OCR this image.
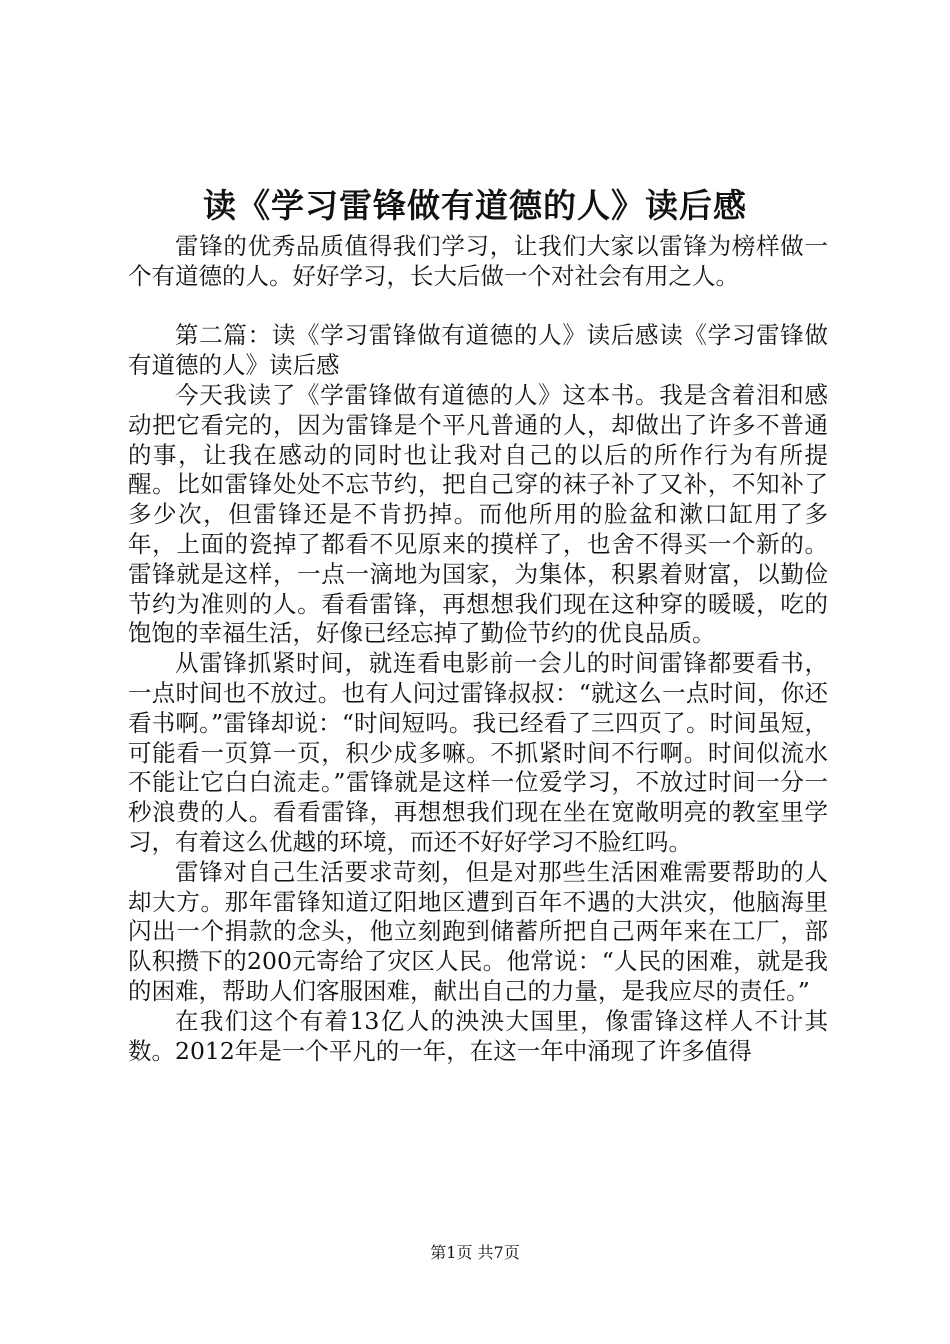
读《学习雷锋做有道德的人》读后感

雷锋的优秀品质值得我们学习，让我们大家以雷锋为榜样做一个有道德的人。好好学习，长大后做一个对社会有用之人。

第二篇：读《学习雷锋做有道德的人》读后感读《学习雷锋做有道德的人》读后感

今天我读了《学雷锋做有道德的人》这本书。我是含着泪和感动把它看完的，因为雷锋是个平凡普通的人，却做出了许多不普通的事，让我在感动的同时也让我对自己的以后的所作行为有所提醒。比如雷锋处处不忘节约，把自己穿的袜子补了又补，不知补了多少次，但雷锋还是不肯扔掉。而他所用的脸盆和漱口缸用了多年，上面的瓷掉了都看不见原来的摸样了，也舍不得买一个新的。雷锋就是这样，一点一滴地为国家，为集体，积累着财富，以勤俭节约为准则的人。看看雷锋，再想想我们现在这种穿的暖暖，吃的饱饱的幸福生活，好像已经忘掉了勤俭节约的优良品质。

从雷锋抓紧时间，就连看电影前一会儿的时间雷锋都要看书，一点时间也不放过。也有人问过雷锋叔叔：“就这么一点时间，你还看书啊。”雷锋却说：“时间短吗。我已经看了三四页了。时间虽短，可能看一页算一页，积少成多嘛。不抓紧时间不行啊。时间似流水不能让它白白流走。”雷锋就是这样一位爱学习，不放过时间一分一秒浪费的人。看看雷锋，再想想我们现在坐在宽敞明亮的教室里学习，有着这么优越的环境，而还不好好学习不脸红吗。

雷锋对自己生活要求苛刻，但是对那些生活困难需要帮助的人却大方。那年雷锋知道辽阳地区遭到百年不遇的大洪灾，他脑海里闪出一个捐款的念头，他立刻跑到储蓄所把自己两年来在工厂，部队积攒下的200元寄给了灾区人民。他常说：“人民的困难，就是我的困难，帮助人们客服困难，献出自己的力量，是我应尽的责任。”

在我们这个有着13亿人的泱泱大国里，像雷锋这样人不计其数。2012年是一个平凡的一年，在这一年中涌现了许多值得

第1页 共7页
